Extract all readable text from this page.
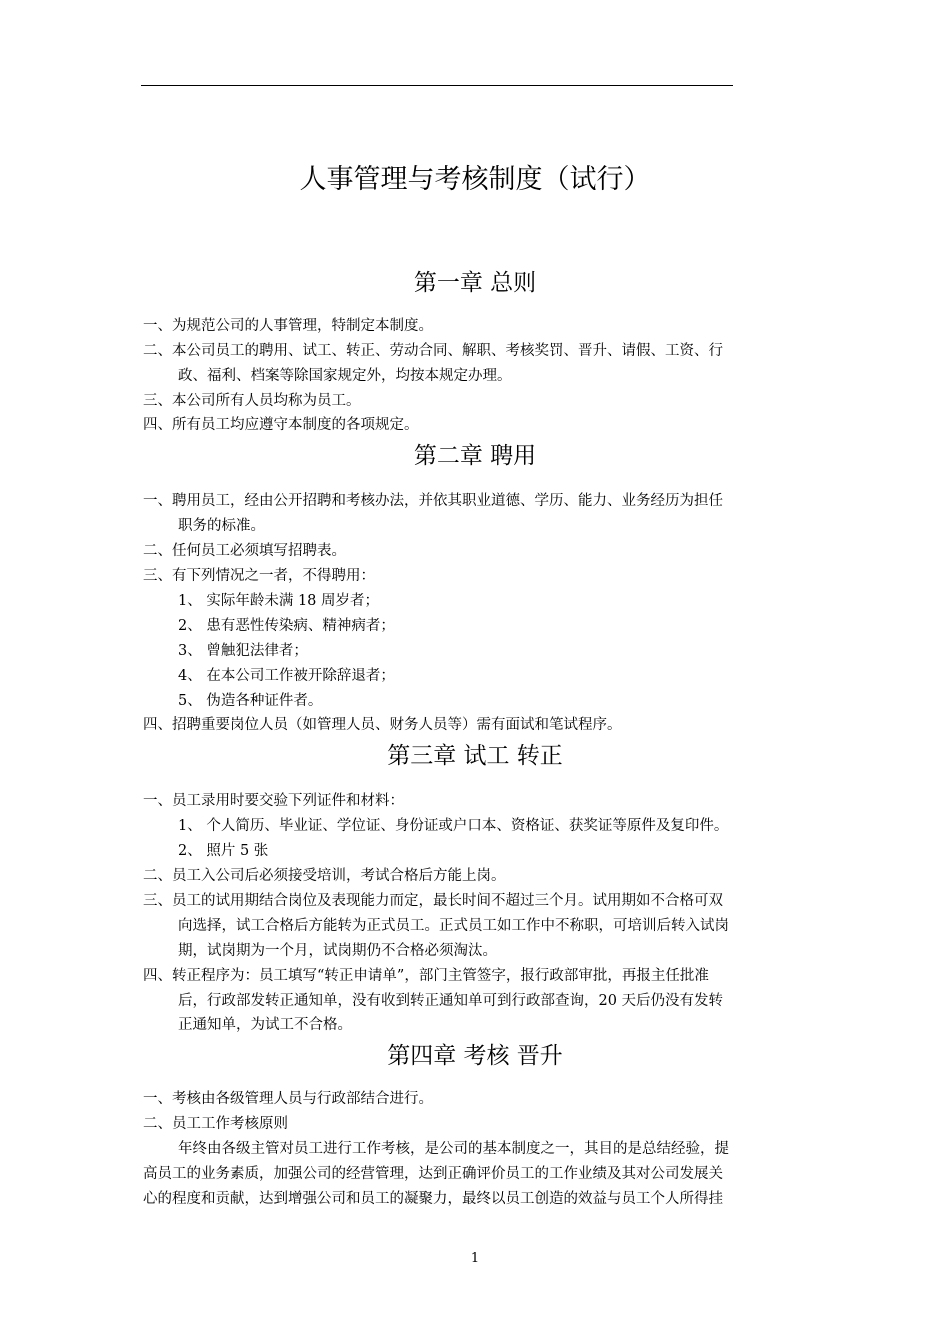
人事管理与考核制度（试行）
第一章 总则
一、为规范公司的人事管理，特制定本制度。
二、本公司员工的聘用、试工、转正、劳动合同、解职、考核奖罚、晋升、请假、工资、行
政、福利、档案等除国家规定外，均按本规定办理。
三、本公司所有人员均称为员工。
四、所有员工均应遵守本制度的各项规定。
第二章 聘用
一、聘用员工，经由公开招聘和考核办法，并依其职业道德、学历、能力、业务经历为担任
职务的标准。
二、任何员工必须填写招聘表。
三、有下列情况之一者，不得聘用：
1、 实际年龄未满 18 周岁者；
2、 患有恶性传染病、精神病者；
3、 曾触犯法律者；
4、 在本公司工作被开除辞退者；
5、 伪造各种证件者。
四、招聘重要岗位人员（如管理人员、财务人员等）需有面试和笔试程序。
第三章 试工 转正
一、员工录用时要交验下列证件和材料：
1、 个人简历、毕业证、学位证、身份证或户口本、资格证、获奖证等原件及复印件。
2、 照片 5 张
二、员工入公司后必须接受培训，考试合格后方能上岗。
三、员工的试用期结合岗位及表现能力而定，最长时间不超过三个月。试用期如不合格可双
向选择，试工合格后方能转为正式员工。正式员工如工作中不称职，可培训后转入试岗
期，试岗期为一个月，试岗期仍不合格必须淘汰。
四、转正程序为：员工填写“转正申请单”，部门主管签字，报行政部审批，再报主任批准
后，行政部发转正通知单，没有收到转正通知单可到行政部查询，20 天后仍没有发转
正通知单，为试工不合格。
第四章 考核 晋升
一、考核由各级管理人员与行政部结合进行。
二、员工工作考核原则
年终由各级主管对员工进行工作考核，是公司的基本制度之一，其目的是总结经验，提
高员工的业务素质，加强公司的经营管理，达到正确评价员工的工作业绩及其对公司发展关
心的程度和贡献，达到增强公司和员工的凝聚力，最终以员工创造的效益与员工个人所得挂
1
